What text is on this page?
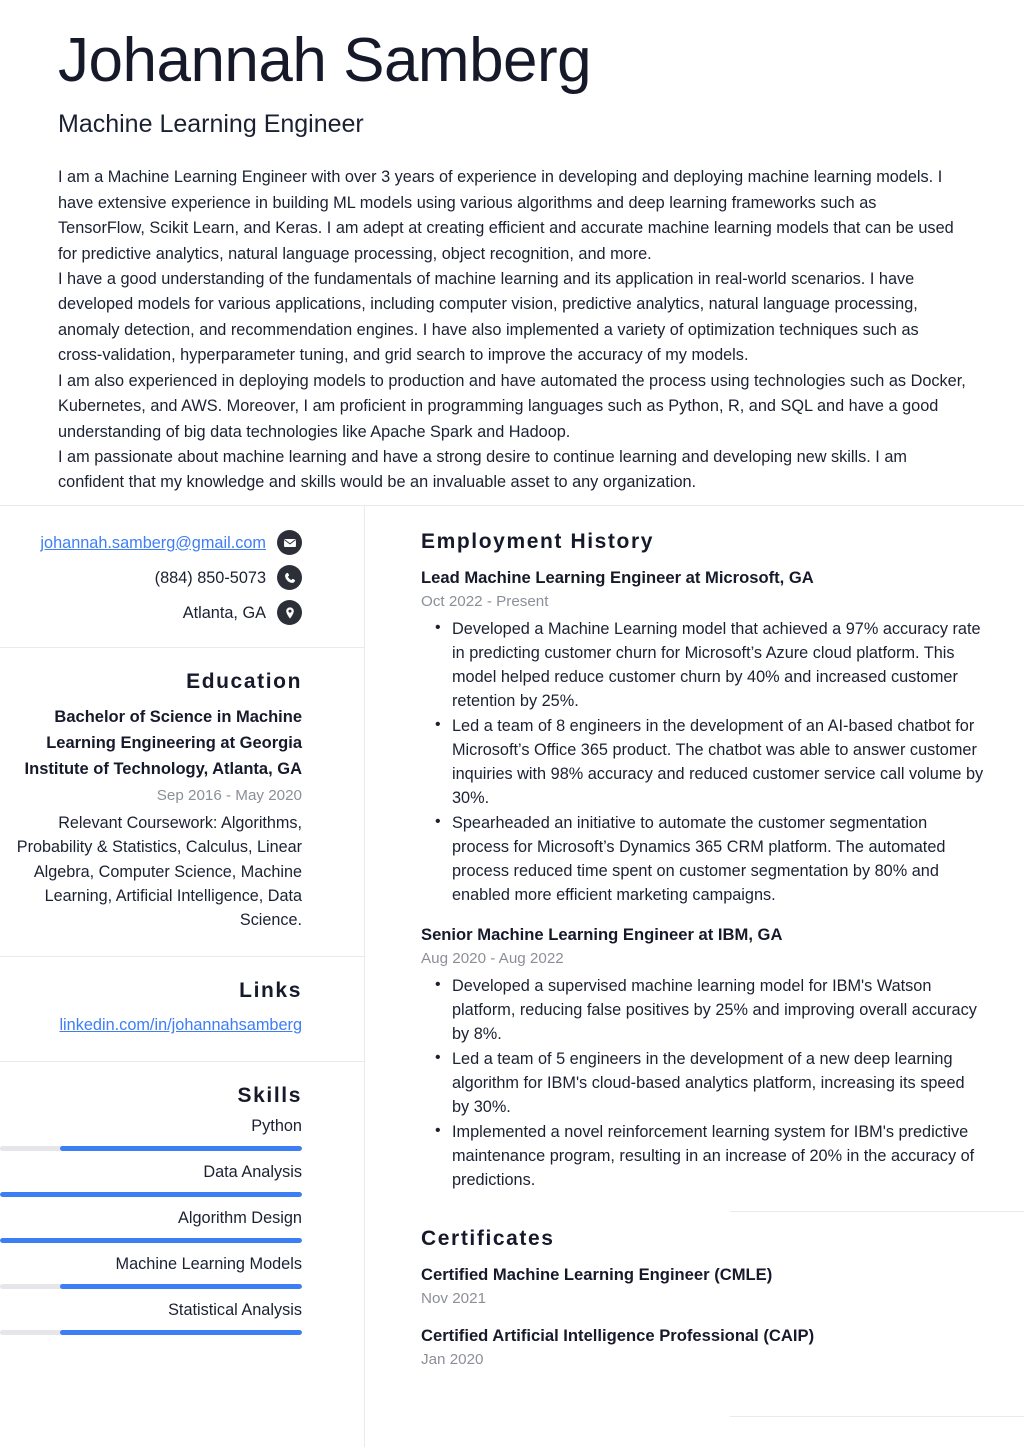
Johannah Samberg
Machine Learning Engineer

I am a Machine Learning Engineer with over 3 years of experience in developing and deploying machine learning models. I have extensive experience in building ML models using various algorithms and deep learning frameworks such as TensorFlow, Scikit Learn, and Keras. I am adept at creating efficient and accurate machine learning models that can be used for predictive analytics, natural language processing, object recognition, and more.

I have a good understanding of the fundamentals of machine learning and its application in real-world scenarios. I have developed models for various applications, including computer vision, predictive analytics, natural language processing, anomaly detection, and recommendation engines. I have also implemented a variety of optimization techniques such as cross-validation, hyperparameter tuning, and grid search to improve the accuracy of my models.

I am also experienced in deploying models to production and have automated the process using technologies such as Docker, Kubernetes, and AWS. Moreover, I am proficient in programming languages such as Python, R, and SQL and have a good understanding of big data technologies like Apache Spark and Hadoop.

I am passionate about machine learning and have a strong desire to continue learning and developing new skills. I am confident that my knowledge and skills would be an invaluable asset to any organization.

johannah.samberg@gmail.com
(884) 850-5073
Atlanta, GA
Education
Bachelor of Science in Machine Learning Engineering at Georgia Institute of Technology, Atlanta, GA
Sep 2016 - May 2020
Relevant Coursework: Algorithms, Probability & Statistics, Calculus, Linear Algebra, Computer Science, Machine Learning, Artificial Intelligence, Data Science.
Links
linkedin.com/in/johannahsamberg
Skills
Python
Data Analysis
Algorithm Design
Machine Learning Models
Statistical Analysis
Employment History
Lead Machine Learning Engineer at Microsoft, GA
Oct 2022 - Present
• Developed a Machine Learning model that achieved a 97% accuracy rate in predicting customer churn for Microsoft’s Azure cloud platform. This model helped reduce customer churn by 40% and increased customer retention by 25%.
• Led a team of 8 engineers in the development of an AI-based chatbot for Microsoft’s Office 365 product. The chatbot was able to answer customer inquiries with 98% accuracy and reduced customer service call volume by 30%.
• Spearheaded an initiative to automate the customer segmentation process for Microsoft’s Dynamics 365 CRM platform. The automated process reduced time spent on customer segmentation by 80% and enabled more efficient marketing campaigns.
Senior Machine Learning Engineer at IBM, GA
Aug 2020 - Aug 2022
• Developed a supervised machine learning model for IBM's Watson platform, reducing false positives by 25% and improving overall accuracy by 8%.
• Led a team of 5 engineers in the development of a new deep learning algorithm for IBM's cloud-based analytics platform, increasing its speed by 30%.
• Implemented a novel reinforcement learning system for IBM's predictive maintenance program, resulting in an increase of 20% in the accuracy of predictions.
Certificates
Certified Machine Learning Engineer (CMLE)
Nov 2021
Certified Artificial Intelligence Professional (CAIP)
Jan 2020
